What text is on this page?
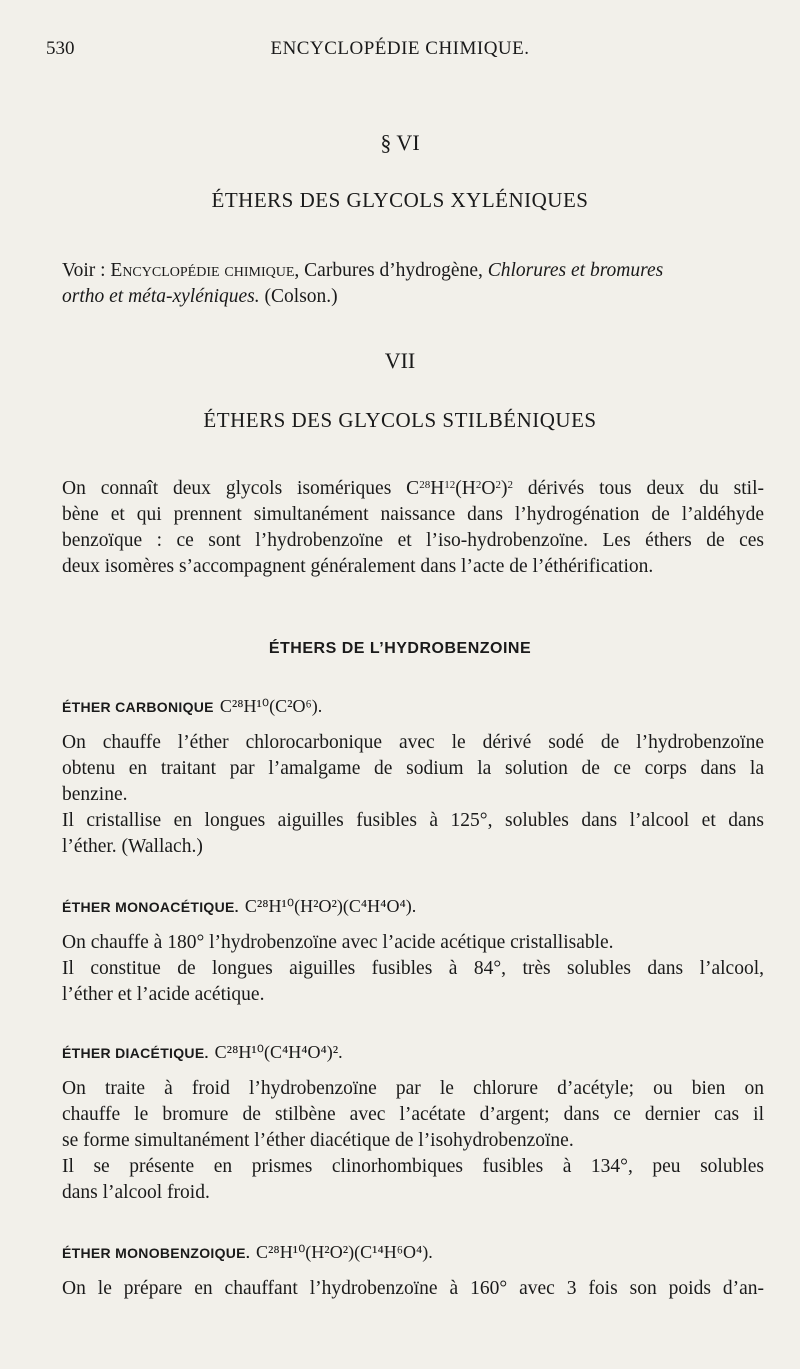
530	ENCYCLOPÉDIE CHIMIQUE.
§ VI
ÉTHERS DES GLYCOLS XYLÉNIQUES
Voir : Encyclopédie chimique, Carbures d’hydrogène, Chlorures et bromures
ortho et méta-xyléniques. (Colson.)
VII
ÉTHERS DES GLYCOLS STILBÉNIQUES
On connaît deux glycols isomériques $C^{28}H^{12}(H^2O^2)^2$ dérivés tous deux du stil-
bène et qui prennent simultanément naissance dans l’hydrogénation de l’aldéhyde
benzoïque : ce sont l’hydrobenzoïne et l’iso-hydrobenzoïne. Les éthers de ces
deux isomères s’accompagnent généralement dans l’acte de l’éthérification.
ÉTHERS DE L’HYDROBENZOINE
ÉTHER CARBONIQUE C²⁸H¹⁰(C²O⁶).
On chauffe l’éther chlorocarbonique avec le dérivé sodé de l’hydrobenzoïne
obtenu en traitant par l’amalgame de sodium la solution de ce corps dans la
benzine.
Il cristallise en longues aiguilles fusibles à 125°, solubles dans l’alcool et dans
l’éther. (Wallach.)
ÉTHER MONOACÉTIQUE. C²⁸H¹⁰(H²O²)(C⁴H⁴O⁴).
On chauffe à 180° l’hydrobenzoïne avec l’acide acétique cristallisable.
Il constitue de longues aiguilles fusibles à 84°, très solubles dans l’alcool,
l’éther et l’acide acétique.
ÉTHER DIACÉTIQUE. C²⁸H¹⁰(C⁴H⁴O⁴)².
On traite à froid l’hydrobenzoïne par le chlorure d’acétyle; ou bien on
chauffe le bromure de stilbène avec l’acétate d’argent; dans ce dernier cas il
se forme simultanément l’éther diacétique de l’isohydrobenzoïne.
Il se présente en prismes clinorhombiques fusibles à 134°, peu solubles
dans l’alcool froid.
ÉTHER MONOBENZOIQUE. C²⁸H¹⁰(H²O²)(C¹⁴H⁶O⁴).
On le prépare en chauffant l’hydrobenzoïne à 160° avec 3 fois son poids d’an-
